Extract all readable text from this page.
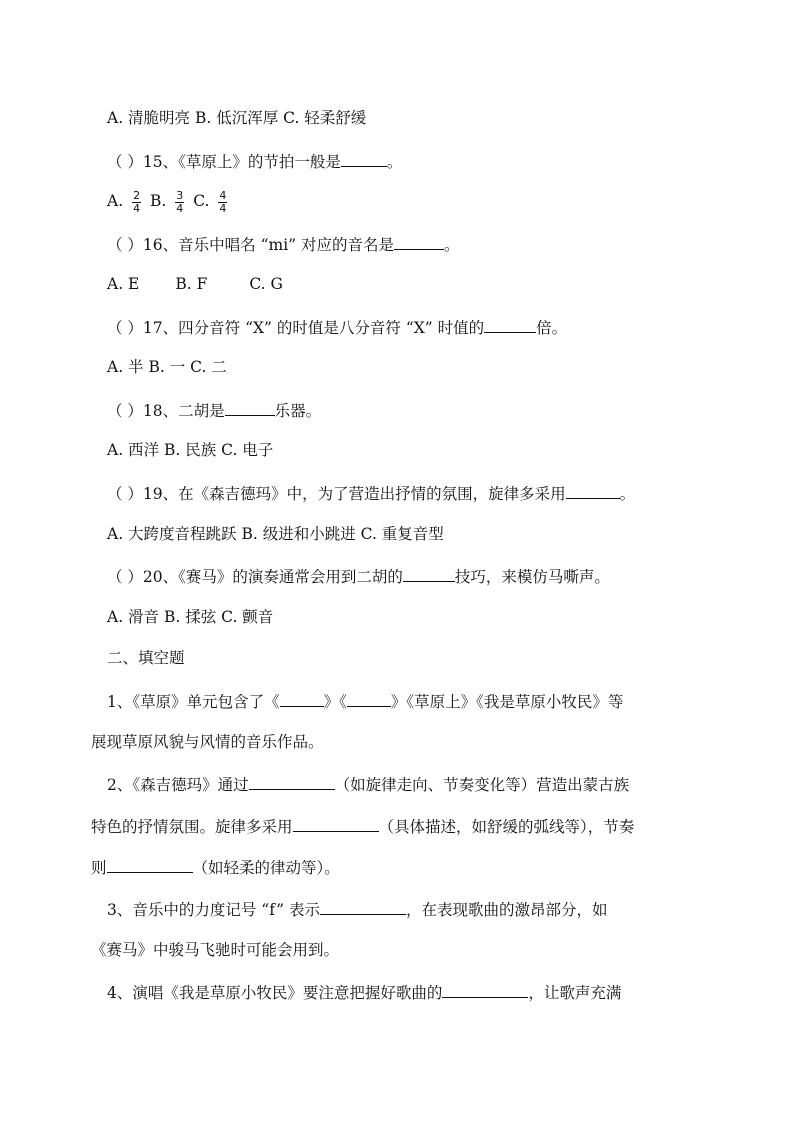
A. 清脆明亮 B. 低沉浑厚 C. 轻柔舒缓
（ ）15、《草原上》的节拍一般是	。
A. $\frac{2}{4} B$. $\frac{3}{4} C$. $\frac{4}{4}$
（ ）16、音乐中唱名 “mi” 对应的音名是	。
A. E B. F	C. G
（ ）17、四分音符 “X” 的时值是八分音符 “X” 时值的	倍。
A. 半 B. 一 C. 二
（ ）18、二胡是	乐器。
A. 西洋 B. 民族 C. 电子
（ ）19、在《森吉德玛》中，为了营造出抒情的氛围，旋律多采用	。
A. 大跨度音程跳跃 B. 级进和小跳进 C. 重复音型
（ ）20、《赛马》的演奏通常会用到二胡的	技巧，来模仿马嘶声。
A. 滑音 B. 揉弦 C. 颤音
二、填空题
1、《草原》单元包含了《	》《	》《草原上》《我是草原小牧民》等
展现草原风貌与风情的音乐作品。
2、《森吉德玛》通过	（如旋律走向、节奏变化等）营造出蒙古族
特色的抒情氛围。旋律多采用	（具体描述，如舒缓的弧线等），节奏
则	（如轻柔的律动等）。
3、音乐中的力度记号 “f” 表示	，在表现歌曲的激昂部分，如
《赛马》中骏马飞驰时可能会用到。
4、演唱《我是草原小牧民》要注意把握好歌曲的	，让歌声充满
